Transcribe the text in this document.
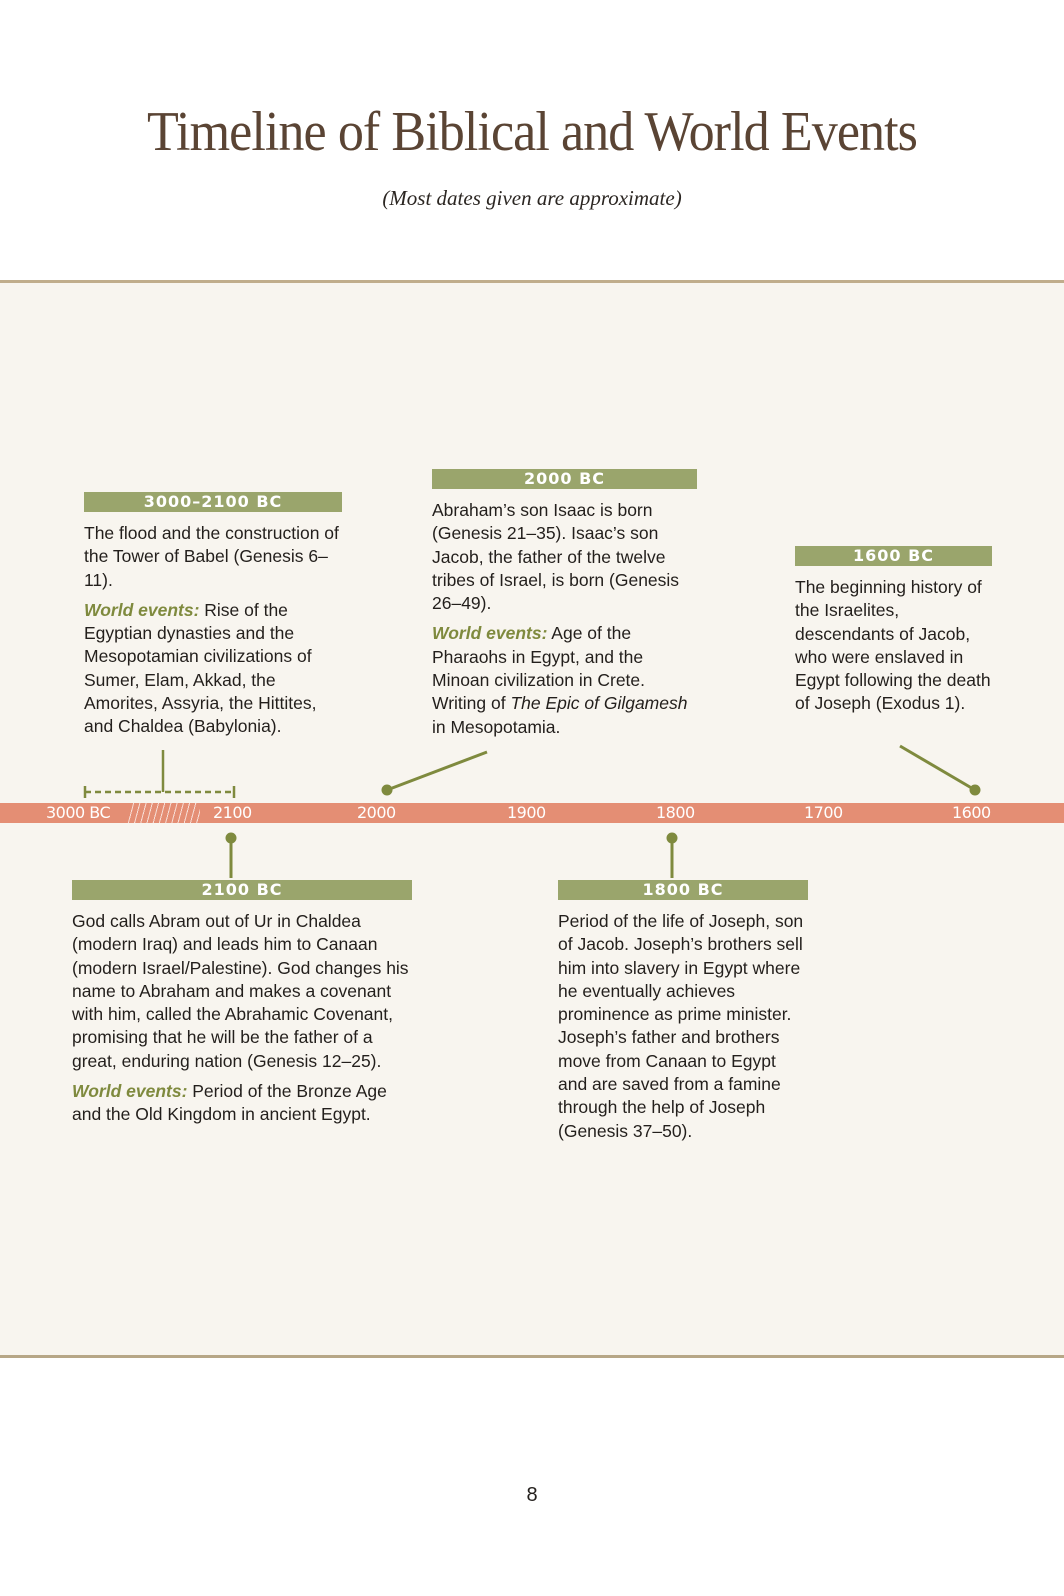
Timeline of Biblical and World Events
(Most dates given are approximate)
3000 BC	2100	2000	1900	1800	1700	1600
3000–2100 BC

The flood and the construction of the Tower of Babel (Genesis 6–11).

World events: Rise of the Egyptian dynasties and the Mesopotamian civilizations of Sumer, Elam, Akkad, the Amorites, Assyria, the Hittites, and Chaldea (Babylonia).

2000 BC

Abraham’s son Isaac is born (Genesis 21–35). Isaac’s son Jacob, the father of the twelve tribes of Israel, is born (Genesis 26–49).

World events: Age of the Pharaohs in Egypt, and the Minoan civilization in Crete. Writing of The Epic of Gilgamesh in Mesopotamia.

1600 BC

The beginning history of the Israelites, descendants of Jacob, who were enslaved in Egypt following the death of Joseph (Exodus 1).

2100 BC

God calls Abram out of Ur in Chaldea (modern Iraq) and leads him to Canaan (modern Israel/Palestine). God changes his name to Abraham and makes a covenant with him, called the Abrahamic Covenant, promising that he will be the father of a great, enduring nation (Genesis 12–25).

World events: Period of the Bronze Age and the Old Kingdom in ancient Egypt.

1800 BC

Period of the life of Joseph, son of Jacob. Joseph’s brothers sell him into slavery in Egypt where he eventually achieves prominence as prime minister. Joseph’s father and brothers move from Canaan to Egypt and are saved from a famine through the help of Joseph (Genesis 37–50).

8
